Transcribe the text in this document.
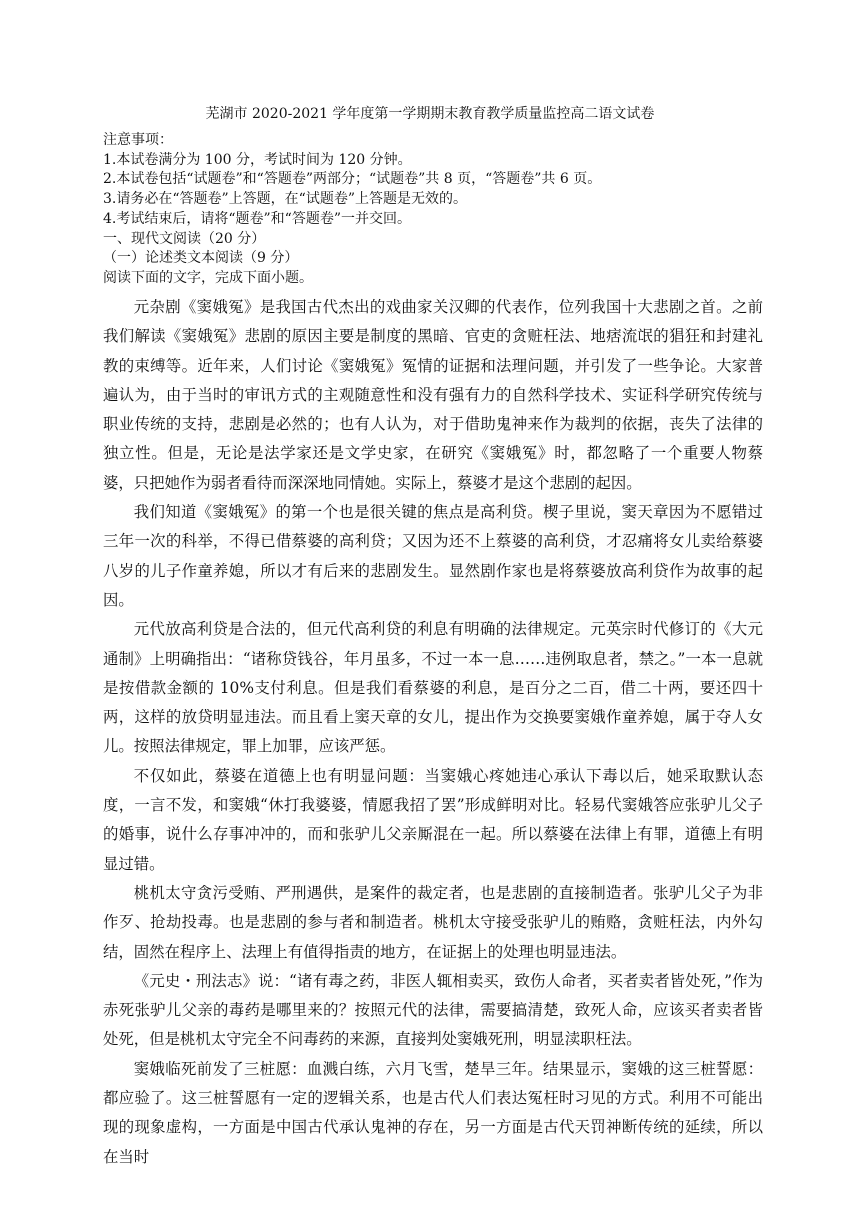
芜湖市 2020-2021 学年度第一学期期末教育教学质量监控高二语文试卷
注意事项：
1.本试卷满分为 100 分，考试时间为 120 分钟。
2.本试卷包括“试题卷”和“答题卷”两部分；“试题卷”共 8 页，“答题卷”共 6 页。
3.请务必在“答题卷”上答题，在“试题卷”上答题是无效的。
4.考试结束后，请将“题卷”和“答题卷”一并交回。
一、现代文阅读（20 分）
（一）论述类文本阅读（9 分）
阅读下面的文字，完成下面小题。

元杂剧《窦娥冤》是我国古代杰出的戏曲家关汉卿的代表作，位列我国十大悲剧之首。之前我们解读《窦娥冤》悲剧的原因主要是制度的黑暗、官吏的贪赃枉法、地痞流氓的猖狂和封建礼教的束缚等。近年来，人们讨论《窦娥冤》冤情的证据和法理问题，并引发了一些争论。大家普遍认为，由于当时的审讯方式的主观随意性和没有强有力的自然科学技术、实证科学研究传统与职业传统的支持，悲剧是必然的；也有人认为，对于借助鬼神来作为裁判的依据，丧失了法律的独立性。但是，无论是法学家还是文学史家，在研究《窦娥冤》时，都忽略了一个重要人物蔡婆，只把她作为弱者看待而深深地同情她。实际上，蔡婆才是这个悲剧的起因。

我们知道《窦娥冤》的第一个也是很关键的焦点是高利贷。楔子里说，窦天章因为不愿错过三年一次的科举，不得已借蔡婆的高利贷；又因为还不上蔡婆的高利贷，才忍痛将女儿卖给蔡婆八岁的儿子作童养媳，所以才有后来的悲剧发生。显然剧作家也是将蔡婆放高利贷作为故事的起因。

元代放高利贷是合法的，但元代高利贷的利息有明确的法律规定。元英宗时代修订的《大元通制》上明确指出：“诸称贷钱谷，年月虽多，不过一本一息……违例取息者，禁之。”一本一息就是按借款金额的 10%支付利息。但是我们看蔡婆的利息，是百分之二百，借二十两，要还四十两，这样的放贷明显违法。而且看上窦天章的女儿，提出作为交换要窦娥作童养媳，属于夺人女儿。按照法律规定，罪上加罪，应该严惩。

不仅如此，蔡婆在道德上也有明显问题：当窦娥心疼她违心承认下毒以后，她采取默认态度，一言不发，和窦娥“休打我婆婆，情愿我招了罢”形成鲜明对比。轻易代窦娥答应张驴儿父子的婚事，说什么存事冲冲的，而和张驴儿父亲厮混在一起。所以蔡婆在法律上有罪，道德上有明显过错。

桃机太守贪污受贿、严刑遇供，是案件的裁定者，也是悲剧的直接制造者。张驴儿父子为非作歹、抢劫投毒。也是悲剧的参与者和制造者。桃机太守接受张驴儿的贿赂，贪赃枉法，内外勾结，固然在程序上、法理上有值得指责的地方，在证据上的处理也明显违法。

《元史・刑法志》说：“诸有毒之药，非医人辄相卖买，致伤人命者，买者卖者皆处死，”作为赤死张驴儿父亲的毒药是哪里来的？按照元代的法律，需要搞清楚，致死人命，应该买者卖者皆处死，但是桃机太守完全不问毒药的来源，直接判处窦娥死刑，明显渎职枉法。

窦娥临死前发了三桩愿：血溅白练，六月飞雪，楚旱三年。结果显示，窦娥的这三桩誓愿：都应验了。这三桩誓愿有一定的逻辑关系，也是古代人们表达冤枉时习见的方式。利用不可能出现的现象虚构，一方面是中国古代承认鬼神的存在，另一方面是古代天罚神断传统的延续，所以在当时
